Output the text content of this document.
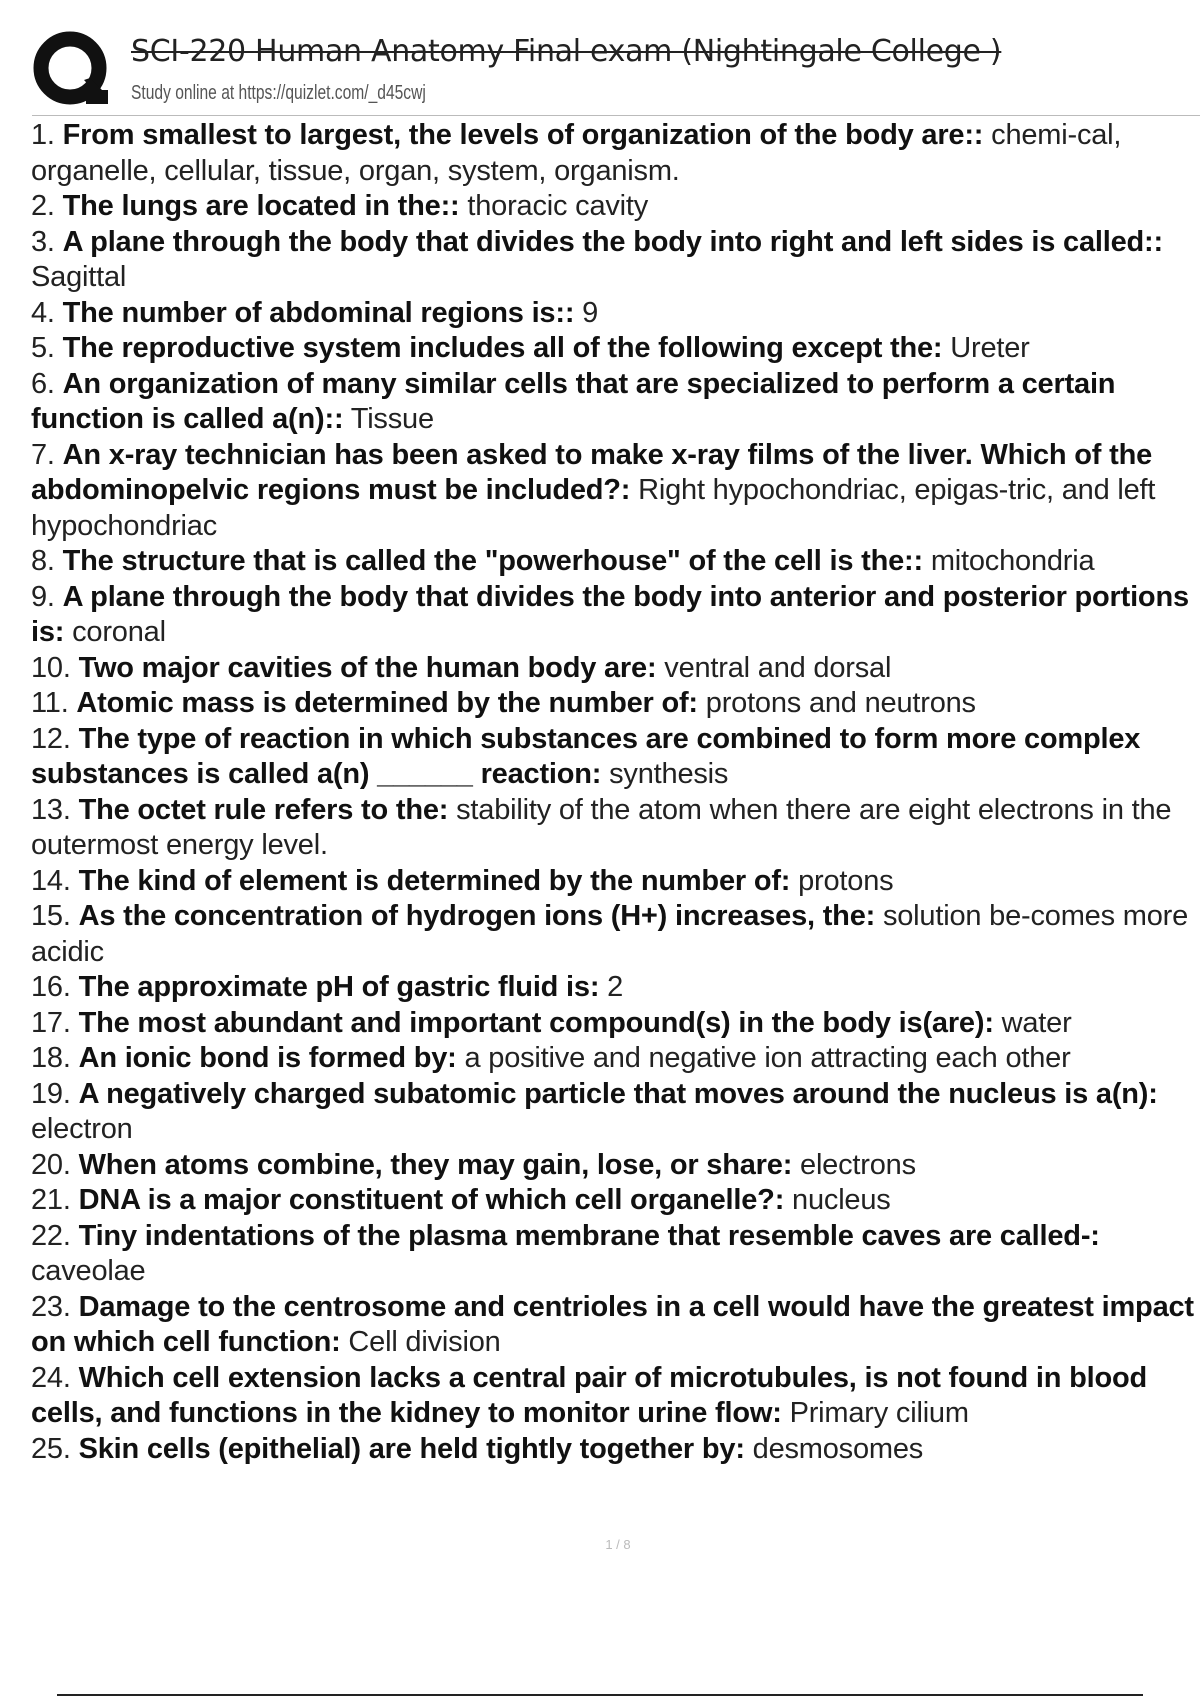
SCI-220 Human Anatomy Final exam (Nightingale College )
Study online at https://quizlet.com/_d45cwj
1. From smallest to largest, the levels of organization of the body are:: chemi-cal, organelle, cellular, tissue, organ, system, organism.
2. The lungs are located in the:: thoracic cavity
3. A plane through the body that divides the body into right and left sides is called:: Sagittal
4. The number of abdominal regions is:: 9
5. The reproductive system includes all of the following except the: Ureter
6. An organization of many similar cells that are specialized to perform a certain function is called a(n):: Tissue
7. An x-ray technician has been asked to make x-ray films of the liver. Which of the abdominopelvic regions must be included?: Right hypochondriac, epigas-tric, and left hypochondriac
8. The structure that is called the "powerhouse" of the cell is the:: mitochondria
9. A plane through the body that divides the body into anterior and posterior portions is: coronal
10. Two major cavities of the human body are: ventral and dorsal
11. Atomic mass is determined by the number of: protons and neutrons
12. The type of reaction in which substances are combined to form more complex substances is called a(n) ______ reaction: synthesis
13. The octet rule refers to the: stability of the atom when there are eight electrons in the outermost energy level.
14. The kind of element is determined by the number of: protons
15. As the concentration of hydrogen ions (H+) increases, the: solution be-comes more acidic
16. The approximate pH of gastric fluid is: 2
17. The most abundant and important compound(s) in the body is(are): water
18. An ionic bond is formed by: a positive and negative ion attracting each other
19. A negatively charged subatomic particle that moves around the nucleus is a(n): electron
20. When atoms combine, they may gain, lose, or share: electrons
21. DNA is a major constituent of which cell organelle?: nucleus
22. Tiny indentations of the plasma membrane that resemble caves are called-: caveolae
23. Damage to the centrosome and centrioles in a cell would have the greatest impact on which cell function: Cell division
24. Which cell extension lacks a central pair of microtubules, is not found in blood cells, and functions in the kidney to monitor urine flow: Primary cilium
25. Skin cells (epithelial) are held tightly together by: desmosomes
1 / 8
